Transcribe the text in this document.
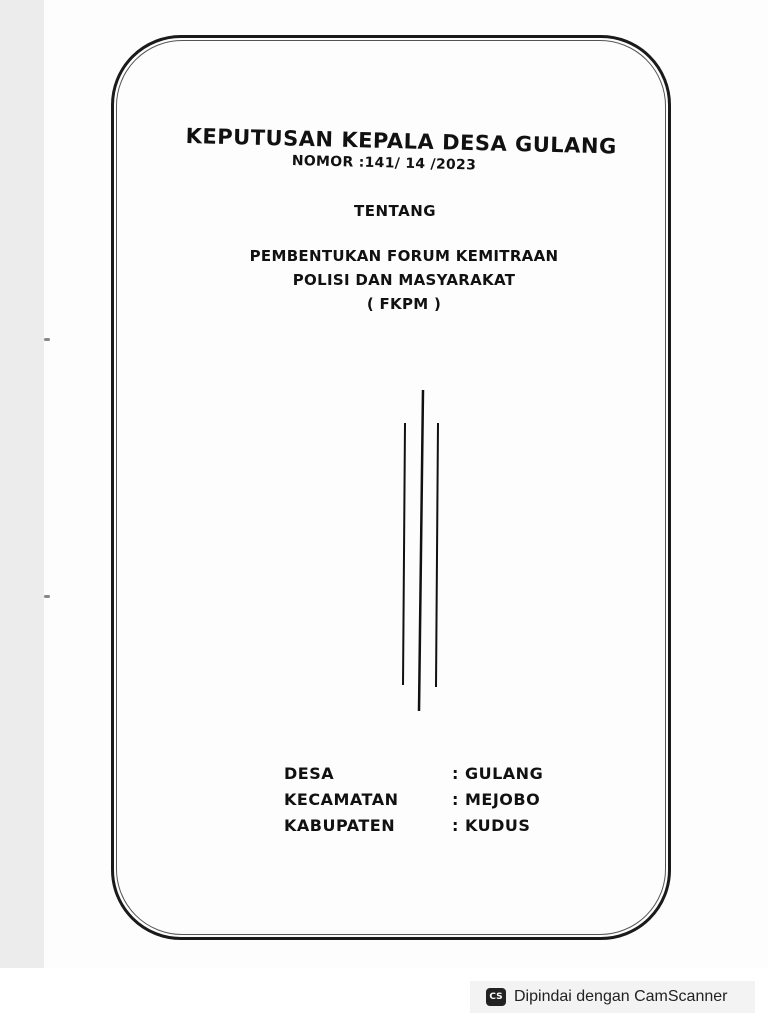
KEPUTUSAN KEPALA DESA GULANG
NOMOR :141/ 14 /2023
TENTANG
PEMBENTUKAN FORUM KEMITRAAN
POLISI DAN MASYARAKAT
( FKPM )
DESA	: GULANG
KECAMATAN	: MEJOBO
KABUPATEN	: KUDUS
CS Dipindai dengan CamScanner
